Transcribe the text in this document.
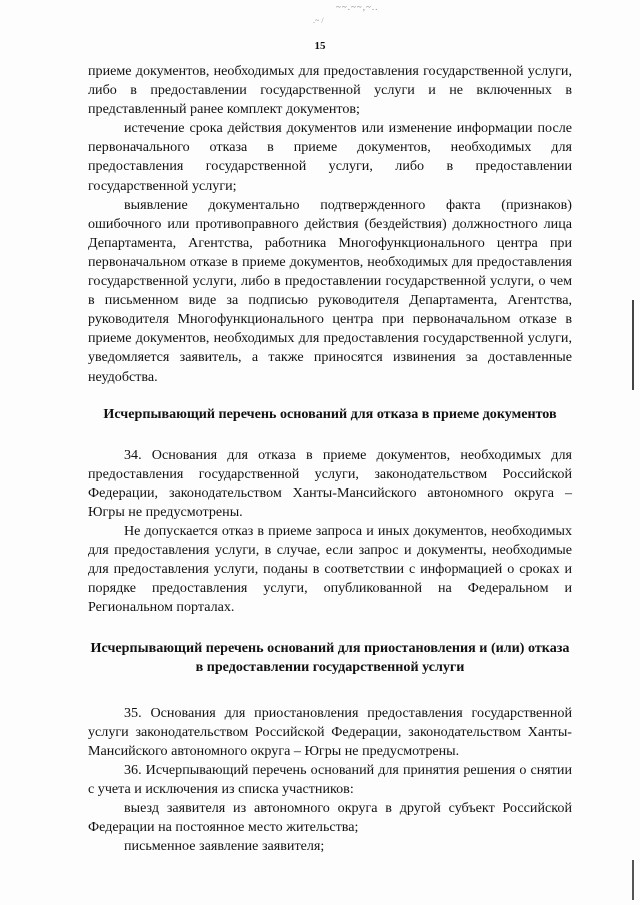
~~.~~,~..
.~ /
15

приеме документов, необходимых для предоставления государственной услуги, либо в предоставлении государственной услуги и не включенных в представленный ранее комплект документов;

истечение срока действия документов или изменение информации после первоначального отказа в приеме документов, необходимых для предоставления государственной услуги, либо в предоставлении государственной услуги;

выявление документально подтвержденного факта (признаков) ошибочного или противоправного действия (бездействия) должностного лица Департамента, Агентства, работника Многофункционального центра при первоначальном отказе в приеме документов, необходимых для предоставления государственной услуги, либо в предоставлении государственной услуги, о чем в письменном виде за подписью руководителя Департамента, Агентства, руководителя Многофункционального центра при первоначальном отказе в приеме документов, необходимых для предоставления государственной услуги, уведомляется заявитель, а также приносятся извинения за доставленные неудобства.

Исчерпывающий перечень оснований для отказа в приеме документов

34. Основания для отказа в приеме документов, необходимых для предоставления государственной услуги, законодательством Российской Федерации, законодательством Ханты-Мансийского автономного округа – Югры не предусмотрены.

Не допускается отказ в приеме запроса и иных документов, необходимых для предоставления услуги, в случае, если запрос и документы, необходимые для предоставления услуги, поданы в соответствии с информацией о сроках и порядке предоставления услуги, опубликованной на Федеральном и Региональном порталах.

Исчерпывающий перечень оснований для приостановления и (или) отказа в предоставлении государственной услуги

35. Основания для приостановления предоставления государственной услуги законодательством Российской Федерации, законодательством Ханты-Мансийского автономного округа – Югры не предусмотрены.

36. Исчерпывающий перечень оснований для принятия решения о снятии с учета и исключения из списка участников:

выезд заявителя из автономного округа в другой субъект Российской Федерации на постоянное место жительства;

письменное заявление заявителя;
